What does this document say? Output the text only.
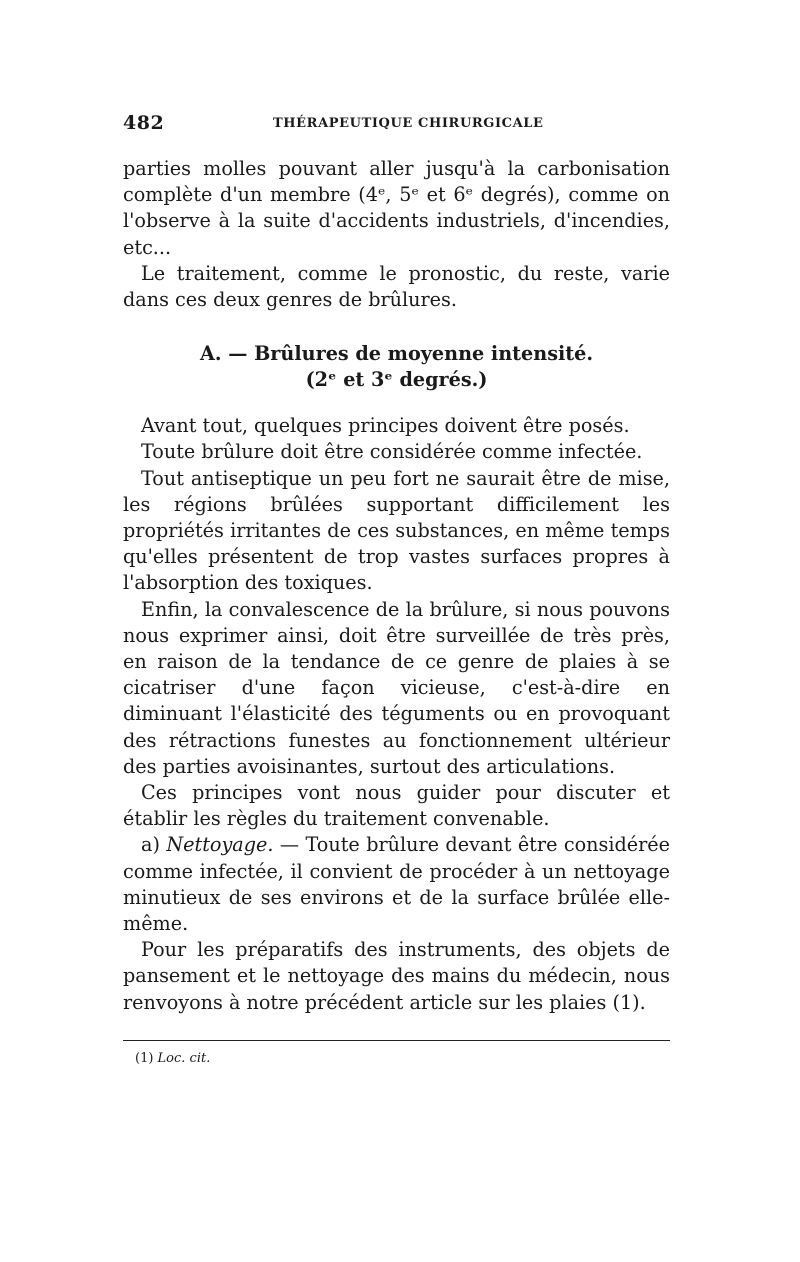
482	THÉRAPEUTIQUE CHIRURGICALE

parties molles pouvant aller jusqu'à la carbonisation complète d'un membre (4ᵉ, 5ᵉ et 6ᵉ degrés), comme on l'observe à la suite d'accidents industriels, d'incendies, etc...

Le traitement, comme le pronostic, du reste, varie dans ces deux genres de brûlures.

A. — Brûlures de moyenne intensité.
(2ᵉ et 3ᵉ degrés.)

Avant tout, quelques principes doivent être posés.

Toute brûlure doit être considérée comme infectée.

Tout antiseptique un peu fort ne saurait être de mise, les régions brûlées supportant difficilement les propriétés irritantes de ces substances, en même temps qu'elles présentent de trop vastes surfaces propres à l'absorption des toxiques.

Enfin, la convalescence de la brûlure, si nous pouvons nous exprimer ainsi, doit être surveillée de très près, en raison de la tendance de ce genre de plaies à se cicatriser d'une façon vicieuse, c'est-à-dire en diminuant l'élasticité des téguments ou en provoquant des rétractions funestes au fonctionnement ultérieur des parties avoisinantes, surtout des articulations.

Ces principes vont nous guider pour discuter et établir les règles du traitement convenable.

a) Nettoyage. — Toute brûlure devant être considérée comme infectée, il convient de procéder à un nettoyage minutieux de ses environs et de la surface brûlée elle-même.

Pour les préparatifs des instruments, des objets de pansement et le nettoyage des mains du médecin, nous renvoyons à notre précédent article sur les plaies (1).

(1) Loc. cit.
